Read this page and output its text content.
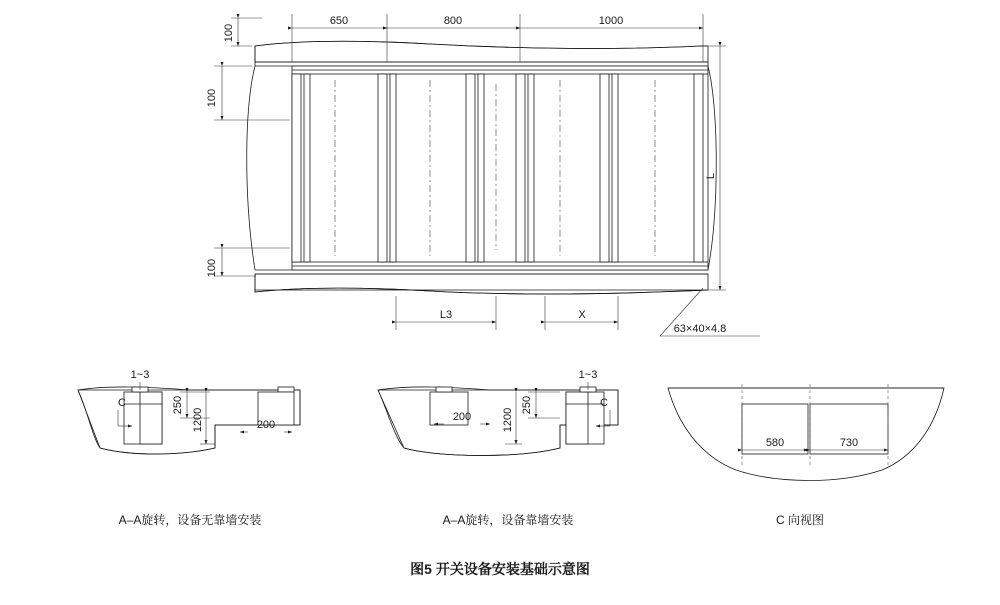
650	800	1000
100
100
100
L
L3	X
63×40×4.8
1~3
C	250
1200	200
A–A旋转，设备无靠墙安装
1~3
C
250
1200
200
A–A旋转，设备靠墙安装
580	730
C 向视图
图5 开关设备安装基础示意图
